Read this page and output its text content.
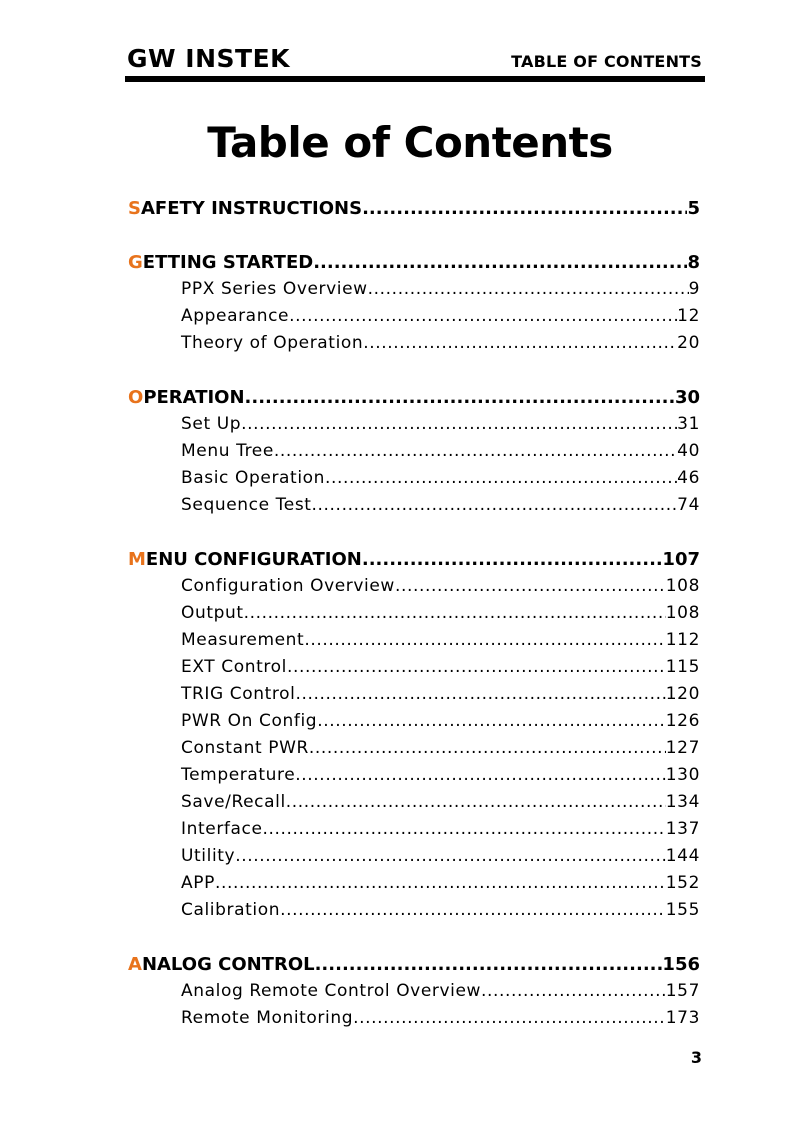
GW INSTEK	TABLE OF CONTENTS
Table of Contents
SAFETY INSTRUCTIONS .....	5
GETTING STARTED .....	8
PPX Series Overview .....	9
Appearance .....	12
Theory of Operation .....	20
OPERATION .....	30
Set Up .....	31
Menu Tree .....	40
Basic Operation .....	46
Sequence Test .....	74
MENU CONFIGURATION .....	107
Configuration Overview .....	108
Output .....	108
Measurement .....	112
EXT Control .....	115
TRIG Control .....	120
PWR On Config .....	126
Constant PWR .....	127
Temperature .....	130
Save/Recall .....	134
Interface .....	137
Utility .....	144
APP .....	152
Calibration .....	155
ANALOG CONTROL .....	156
Analog Remote Control Overview .....	157
Remote Monitoring .....	173
3
